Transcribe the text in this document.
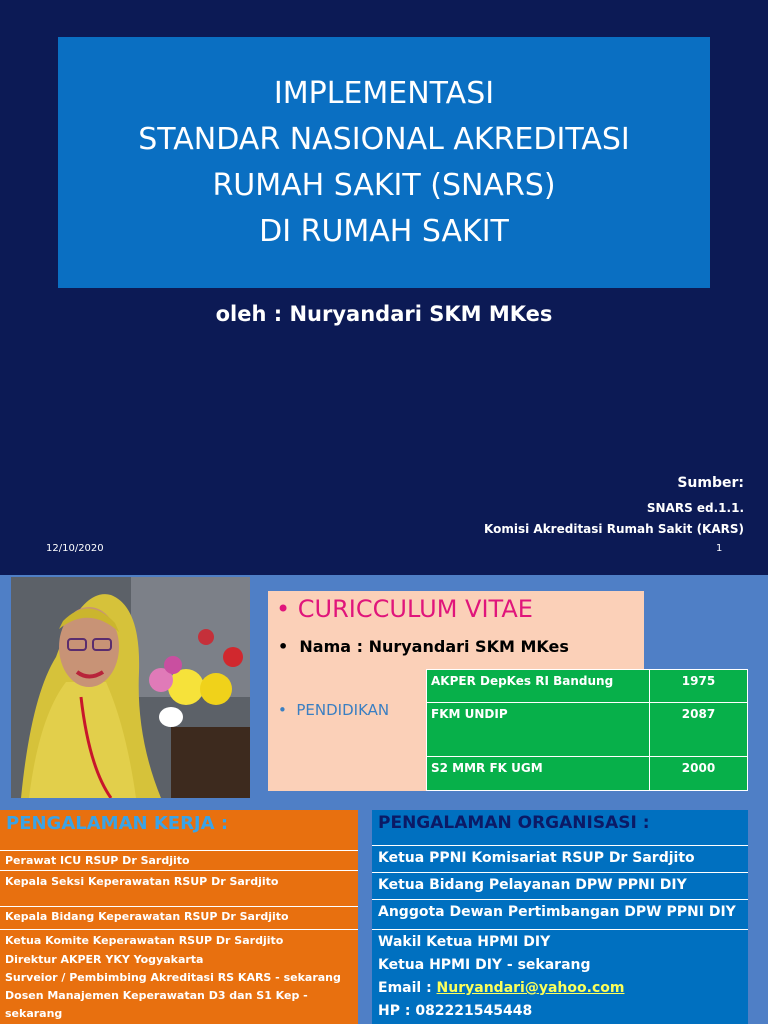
IMPLEMENTASI
STANDAR NASIONAL AKREDITASI
RUMAH SAKIT (SNARS)
DI RUMAH SAKIT
oleh : Nuryandari SKM MKes
Sumber:
SNARS ed.1.1.
Komisi Akreditasi Rumah Sakit (KARS)
12/10/2020	1
• CURICCULUM VITAE
•  Nama : Nuryandari SKM MKes
•  PENDIDIKAN
AKPER DepKes RI Bandung	1975
FKM UNDIP	2087
S2 MMR FK UGM	2000
PENGALAMAN KERJA :
Perawat ICU RSUP Dr Sardjito
Kepala Seksi Keperawatan RSUP Dr Sardjito
Kepala Bidang Keperawatan RSUP Dr Sardjito
Ketua Komite Keperawatan RSUP Dr Sardjito
Direktur AKPER YKY Yogyakarta
Surveior / Pembimbing Akreditasi RS KARS - sekarang
Dosen Manajemen Keperawatan D3 dan S1 Kep -
sekarang
PENGALAMAN ORGANISASI :
Ketua PPNI Komisariat RSUP Dr Sardjito
Ketua Bidang Pelayanan DPW PPNI DIY
Anggota Dewan Pertimbangan DPW PPNI DIY
Wakil Ketua HPMI DIY
Ketua HPMI DIY - sekarang
Email : Nuryandari@yahoo.com
HP : 082221545448
